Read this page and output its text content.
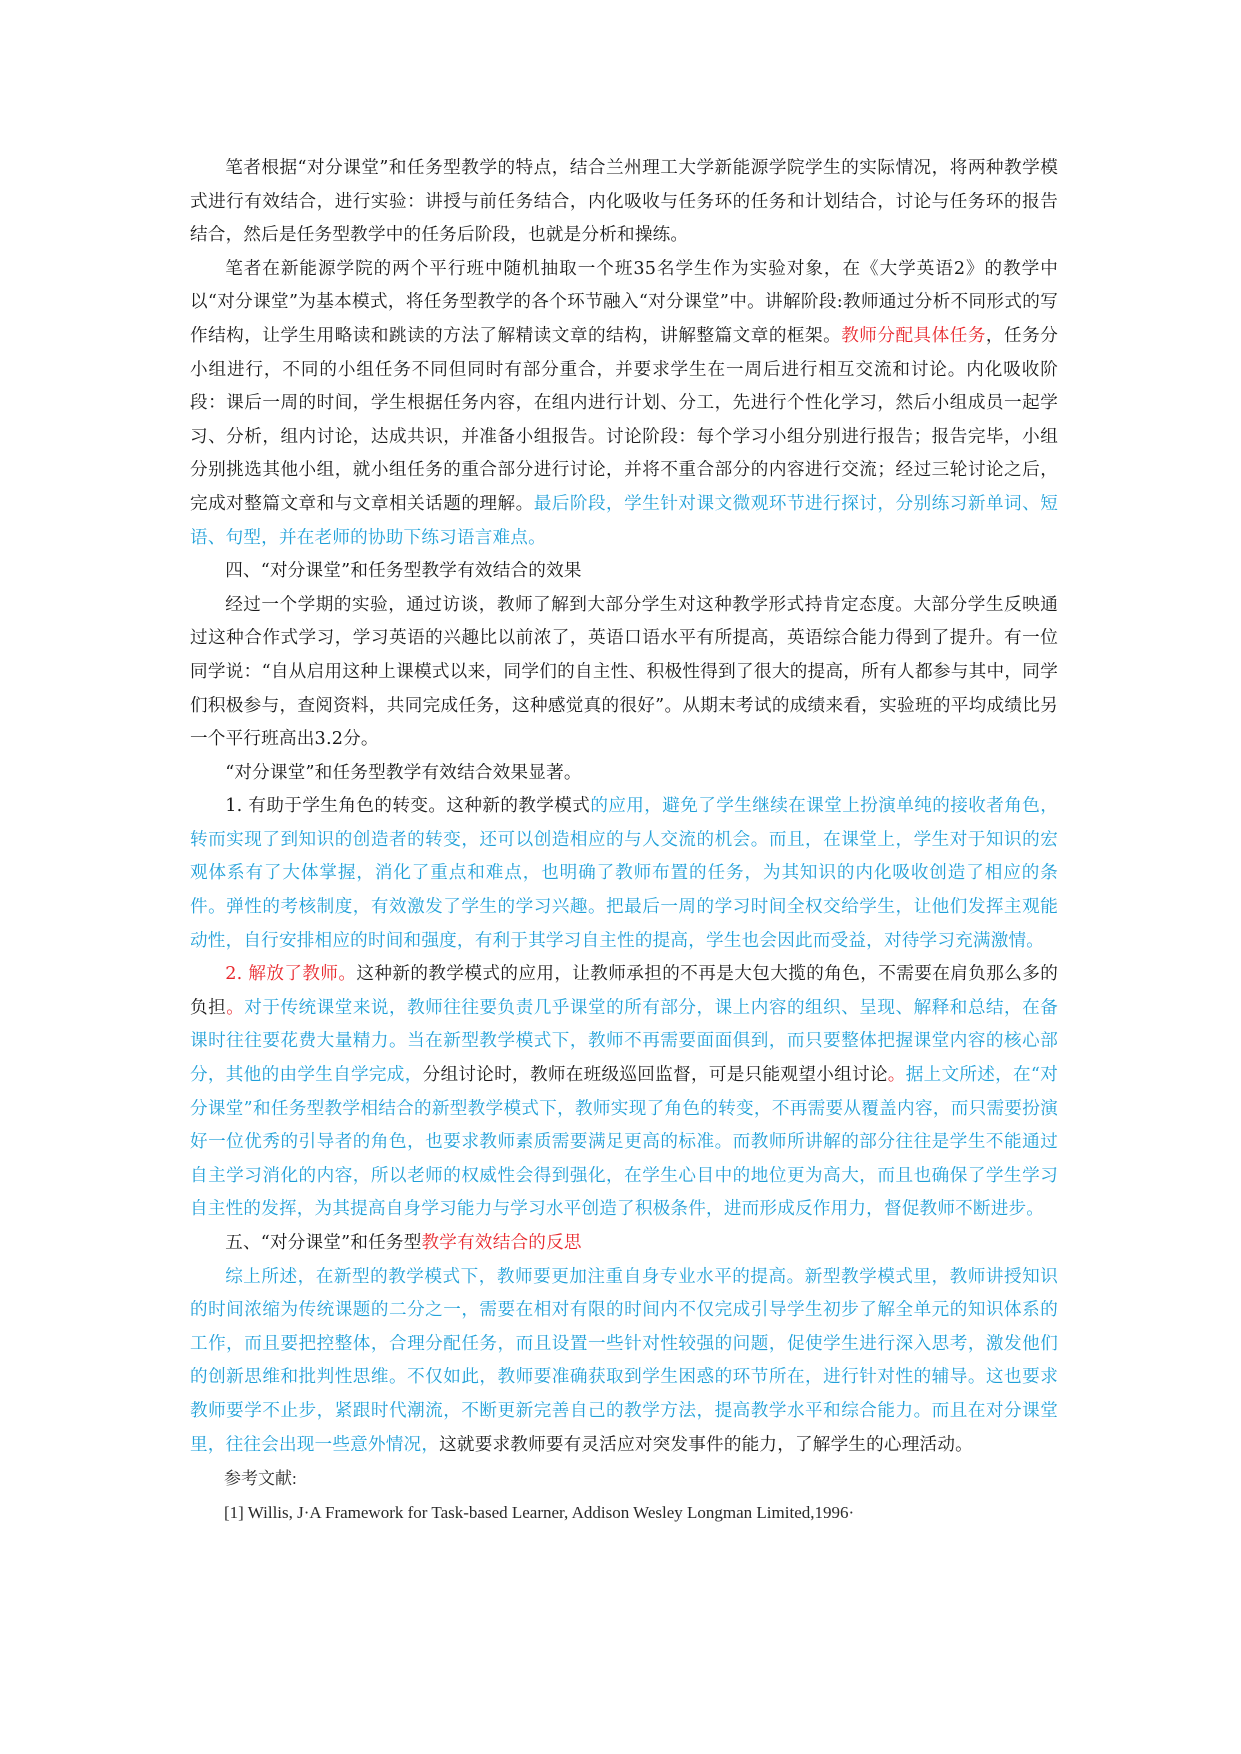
笔者根据“对分课堂”和任务型教学的特点，结合兰州理工大学新能源学院学生的实际情况，将两种教学模式进行有效结合，进行实验：讲授与前任务结合，内化吸收与任务环的任务和计划结合，讨论与任务环的报告结合，然后是任务型教学中的任务后阶段，也就是分析和操练。

笔者在新能源学院的两个平行班中随机抽取一个班35名学生作为实验对象，在《大学英语2》的教学中以“对分课堂”为基本模式，将任务型教学的各个环节融入“对分课堂”中。讲解阶段:教师通过分析不同形式的写作结构，让学生用略读和跳读的方法了解精读文章的结构，讲解整篇文章的框架。教师分配具体任务，任务分小组进行，不同的小组任务不同但同时有部分重合，并要求学生在一周后进行相互交流和讨论。内化吸收阶段：课后一周的时间，学生根据任务内容，在组内进行计划、分工，先进行个性化学习，然后小组成员一起学习、分析，组内讨论，达成共识，并准备小组报告。讨论阶段：每个学习小组分别进行报告；报告完毕，小组分别挑选其他小组，就小组任务的重合部分进行讨论，并将不重合部分的内容进行交流；经过三轮讨论之后，完成对整篇文章和与文章相关话题的理解。最后阶段，学生针对课文微观环节进行探讨，分别练习新单词、短语、句型，并在老师的协助下练习语言难点。

四、“对分课堂”和任务型教学有效结合的效果

经过一个学期的实验，通过访谈，教师了解到大部分学生对这种教学形式持肯定态度。大部分学生反映通过这种合作式学习，学习英语的兴趣比以前浓了，英语口语水平有所提高，英语综合能力得到了提升。有一位同学说：“自从启用这种上课模式以来，同学们的自主性、积极性得到了很大的提高，所有人都参与其中，同学们积极参与，查阅资料，共同完成任务，这种感觉真的很好”。从期末考试的成绩来看，实验班的平均成绩比另一个平行班高出3.2分。

“对分课堂”和任务型教学有效结合效果显著。

1. 有助于学生角色的转变。这种新的教学模式的应用，避免了学生继续在课堂上扮演单纯的接收者角色，转而实现了到知识的创造者的转变，还可以创造相应的与人交流的机会。而且，在课堂上，学生对于知识的宏观体系有了大体掌握，消化了重点和难点，也明确了教师布置的任务，为其知识的内化吸收创造了相应的条件。弹性的考核制度，有效激发了学生的学习兴趣。把最后一周的学习时间全权交给学生，让他们发挥主观能动性，自行安排相应的时间和强度，有利于其学习自主性的提高，学生也会因此而受益，对待学习充满激情。

2. 解放了教师。这种新的教学模式的应用，让教师承担的不再是大包大揽的角色，不需要在肩负那么多的负担。对于传统课堂来说，教师往往要负责几乎课堂的所有部分，课上内容的组织、呈现、解释和总结，在备课时往往要花费大量精力。当在新型教学模式下，教师不再需要面面俱到，而只要整体把握课堂内容的核心部分，其他的由学生自学完成，分组讨论时，教师在班级巡回监督，可是只能观望小组讨论。据上文所述，在“对分课堂”和任务型教学相结合的新型教学模式下，教师实现了角色的转变，不再需要从覆盖内容，而只需要扮演好一位优秀的引导者的角色，也要求教师素质需要满足更高的标准。而教师所讲解的部分往往是学生不能通过自主学习消化的内容，所以老师的权威性会得到强化，在学生心目中的地位更为高大，而且也确保了学生学习自主性的发挥，为其提高自身学习能力与学习水平创造了积极条件，进而形成反作用力，督促教师不断进步。

五、“对分课堂”和任务型教学有效结合的反思

综上所述，在新型的教学模式下，教师要更加注重自身专业水平的提高。新型教学模式里，教师讲授知识的时间浓缩为传统课题的二分之一，需要在相对有限的时间内不仅完成引导学生初步了解全单元的知识体系的工作，而且要把控整体，合理分配任务，而且设置一些针对性较强的问题，促使学生进行深入思考，激发他们的创新思维和批判性思维。不仅如此，教师要准确获取到学生困惑的环节所在，进行针对性的辅导。这也要求教师要学不止步，紧跟时代潮流，不断更新完善自己的教学方法，提高教学水平和综合能力。而且在对分课堂里，往往会出现一些意外情况，这就要求教师要有灵活应对突发事件的能力，了解学生的心理活动。

参考文献:

[1] Willis, J·A Framework for Task-based Learner, Addison Wesley Longman Limited,1996·
